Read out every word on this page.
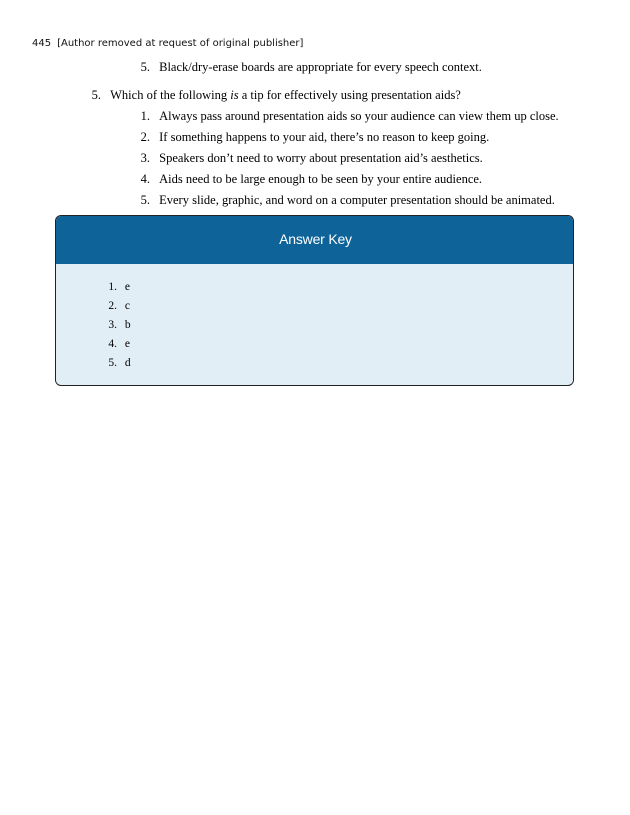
445 [Author removed at request of original publisher]
5. Black/dry-erase boards are appropriate for every speech context.
5. Which of the following is a tip for effectively using presentation aids?
1. Always pass around presentation aids so your audience can view them up close.
2. If something happens to your aid, there’s no reason to keep going.
3. Speakers don’t need to worry about presentation aid’s aesthetics.
4. Aids need to be large enough to be seen by your entire audience.
5. Every slide, graphic, and word on a computer presentation should be animated.
Answer Key
1. e
2. c
3. b
4. e
5. d
